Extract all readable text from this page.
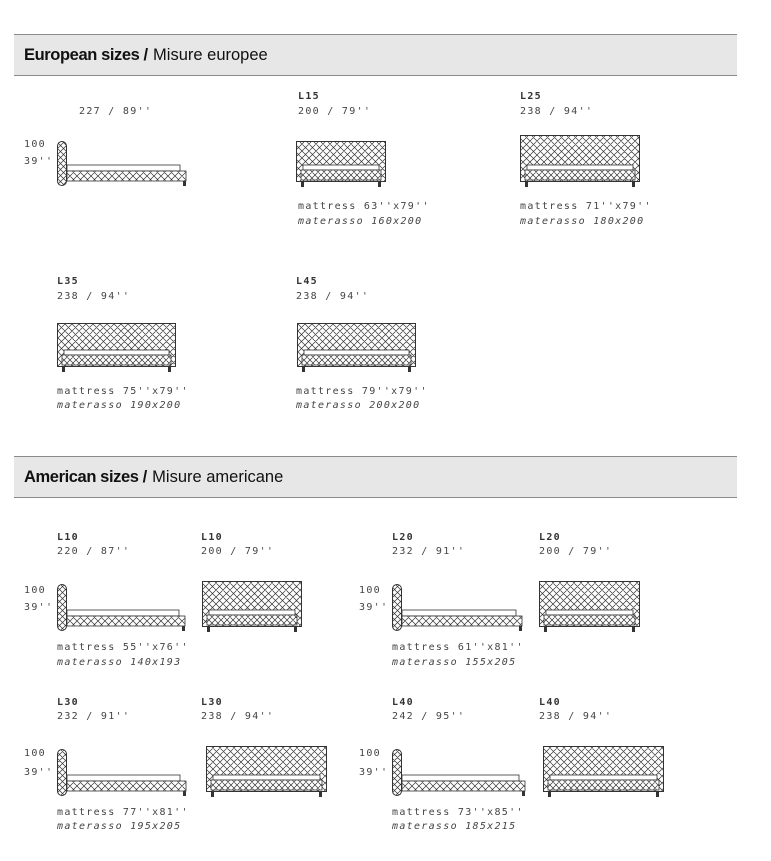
European sizes / Misure europee
227 / 89''
100
39''
L15
200 / 79''
mattress 63''x79''
materasso 160x200
L25
238 / 94''
mattress 71''x79''
materasso 180x200
L35
238 / 94''
mattress 75''x79''
materasso 190x200
L45
238 / 94''
mattress 79''x79''
materasso 200x200
American sizes / Misure americane
L10
220 / 87''
100
39''
L10
200 / 79''
mattress 55''x76''
materasso 140x193
L20
232 / 91''
100
39''
L20
200 / 79''
mattress 61''x81''
materasso 155x205
L30
232 / 91''
100
39''
L30
238 / 94''
mattress 77''x81''
materasso 195x205
L40
242 / 95''
100
39''
L40
238 / 94''
mattress 73''x85''
materasso 185x215
